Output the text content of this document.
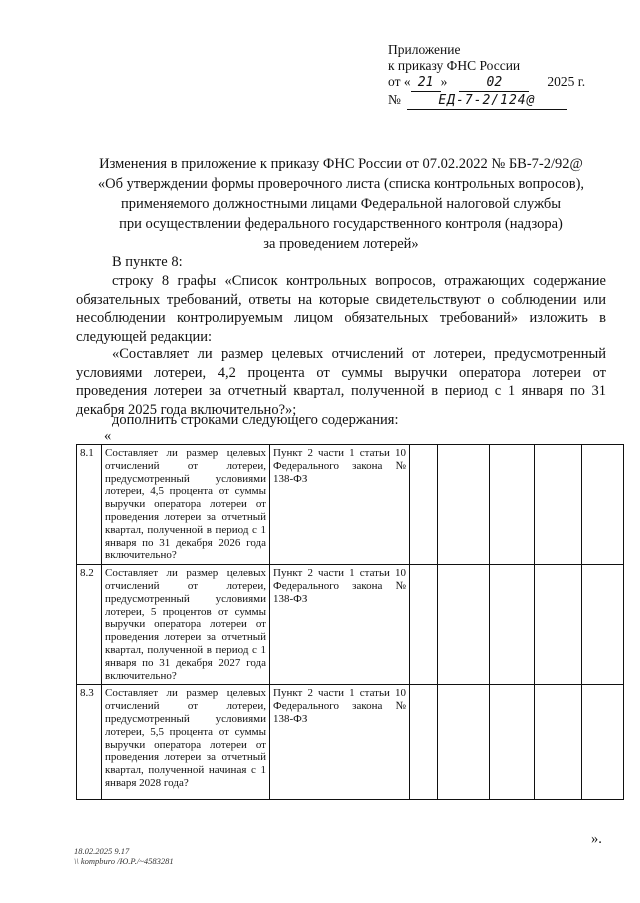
Приложение
к приказу ФНС России
от « 21 »	02	2025 г.
№	ЕД-7-2/124@
Изменения в приложение к приказу ФНС России от 07.02.2022 № БВ-7-2/92@
«Об утверждении формы проверочного листа (списка контрольных вопросов),
применяемого должностными лицами Федеральной налоговой службы
при осуществлении федерального государственного контроля (надзора)
за проведением лотерей»
В пункте 8:
строку 8 графы «Список контрольных вопросов, отражающих содержание обязательных требований, ответы на которые свидетельствуют о соблюдении или несоблюдении контролируемым лицом обязательных требований» изложить в следующей редакции:
«Составляет ли размер целевых отчислений от лотереи, предусмотренный условиями лотереи, 4,2 процента от суммы выручки оператора лотереи от проведения лотереи за отчетный квартал, полученной в период с 1 января по 31 декабря 2025 года включительно?»;
дополнить строками следующего содержания:
«
8.1	Составляет ли размер целевых отчислений от лотереи, предусмотренный условиями лотереи, 4,5 процента от суммы выручки оператора лотереи от проведения лотереи за отчетный квартал, полученной в период с 1 января по 31 декабря 2026 года включительно?	Пункт 2 части 1 статьи 10 Федерального закона № 138-ФЗ					
8.2	Составляет ли размер целевых отчислений от лотереи, предусмотренный условиями лотереи, 5 процентов от суммы выручки оператора лотереи от проведения лотереи за отчетный квартал, полученной в период с 1 января по 31 декабря 2027 года включительно?	Пункт 2 части 1 статьи 10 Федерального закона № 138-ФЗ					
8.3	Составляет ли размер целевых отчислений от лотереи, предусмотренный условиями лотереи, 5,5 процента от суммы выручки оператора лотереи от проведения лотереи за отчетный квартал, полученной начиная с 1 января 2028 года?	Пункт 2 части 1 статьи 10 Федерального закона № 138-ФЗ					
».
18.02.2025 9.17
\\ kompburo /Ю.Р./~4583281
